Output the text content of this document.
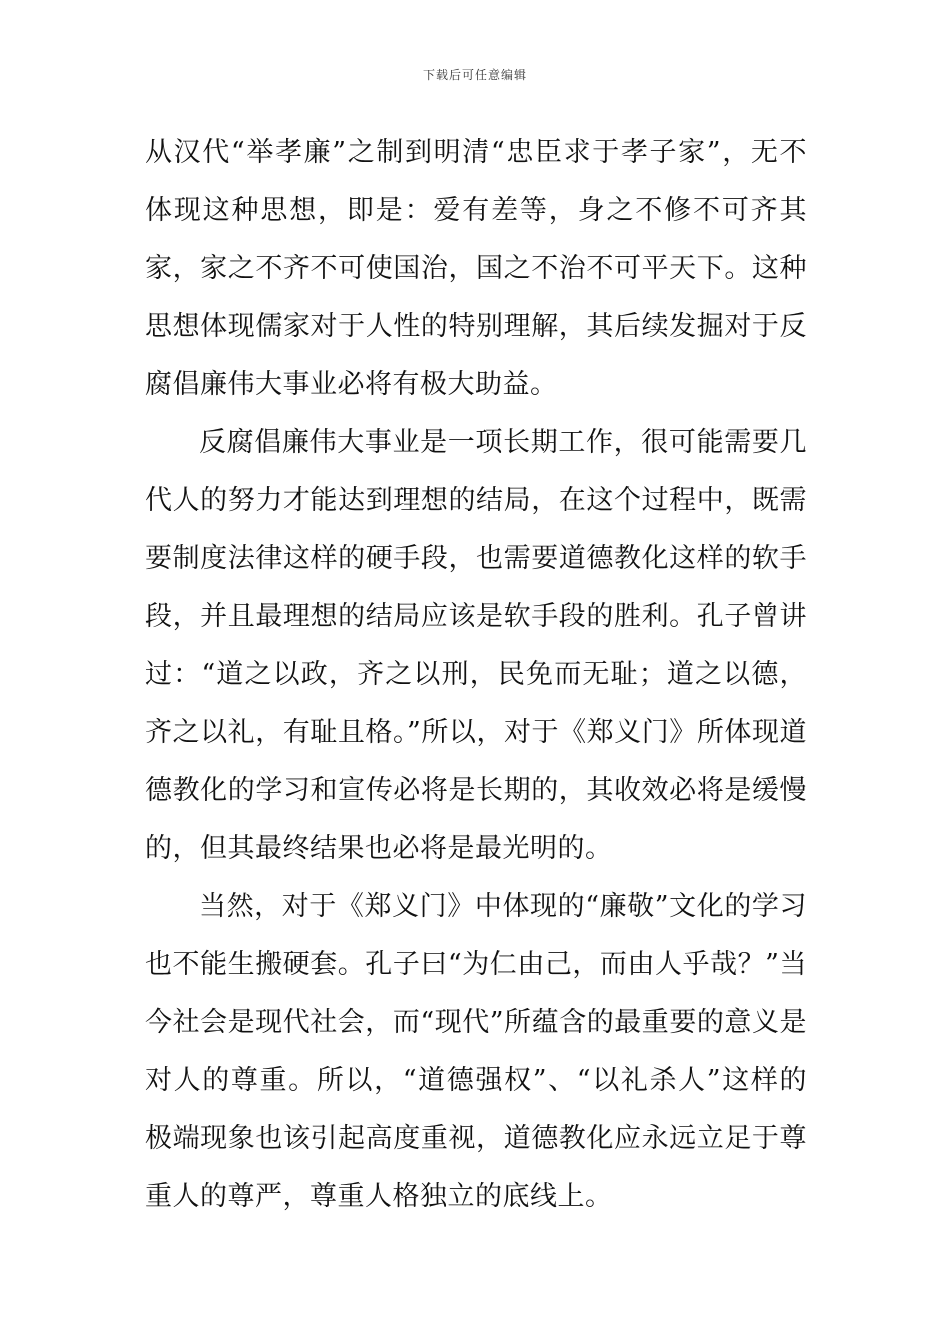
下载后可任意编辑

从汉代“举孝廉”之制到明清“忠臣求于孝子家”，无不体现这种思想，即是：爱有差等，身之不修不可齐其家，家之不齐不可使国治，国之不治不可平天下。这种思想体现儒家对于人性的特别理解，其后续发掘对于反腐倡廉伟大事业必将有极大助益。

反腐倡廉伟大事业是一项长期工作，很可能需要几代人的努力才能达到理想的结局，在这个过程中，既需要制度法律这样的硬手段，也需要道德教化这样的软手段，并且最理想的结局应该是软手段的胜利。孔子曾讲过：“道之以政，齐之以刑，民免而无耻；道之以德，齐之以礼，有耻且格。”所以，对于《郑义门》所体现道德教化的学习和宣传必将是长期的，其收效必将是缓慢的，但其最终结果也必将是最光明的。

当然，对于《郑义门》中体现的“廉敬”文化的学习也不能生搬硬套。孔子曰“为仁由己，而由人乎哉？”当今社会是现代社会，而“现代”所蕴含的最重要的意义是对人的尊重。所以，“道德强权”、“以礼杀人”这样的极端现象也该引起高度重视，道德教化应永远立足于尊重人的尊严，尊重人格独立的底线上。
